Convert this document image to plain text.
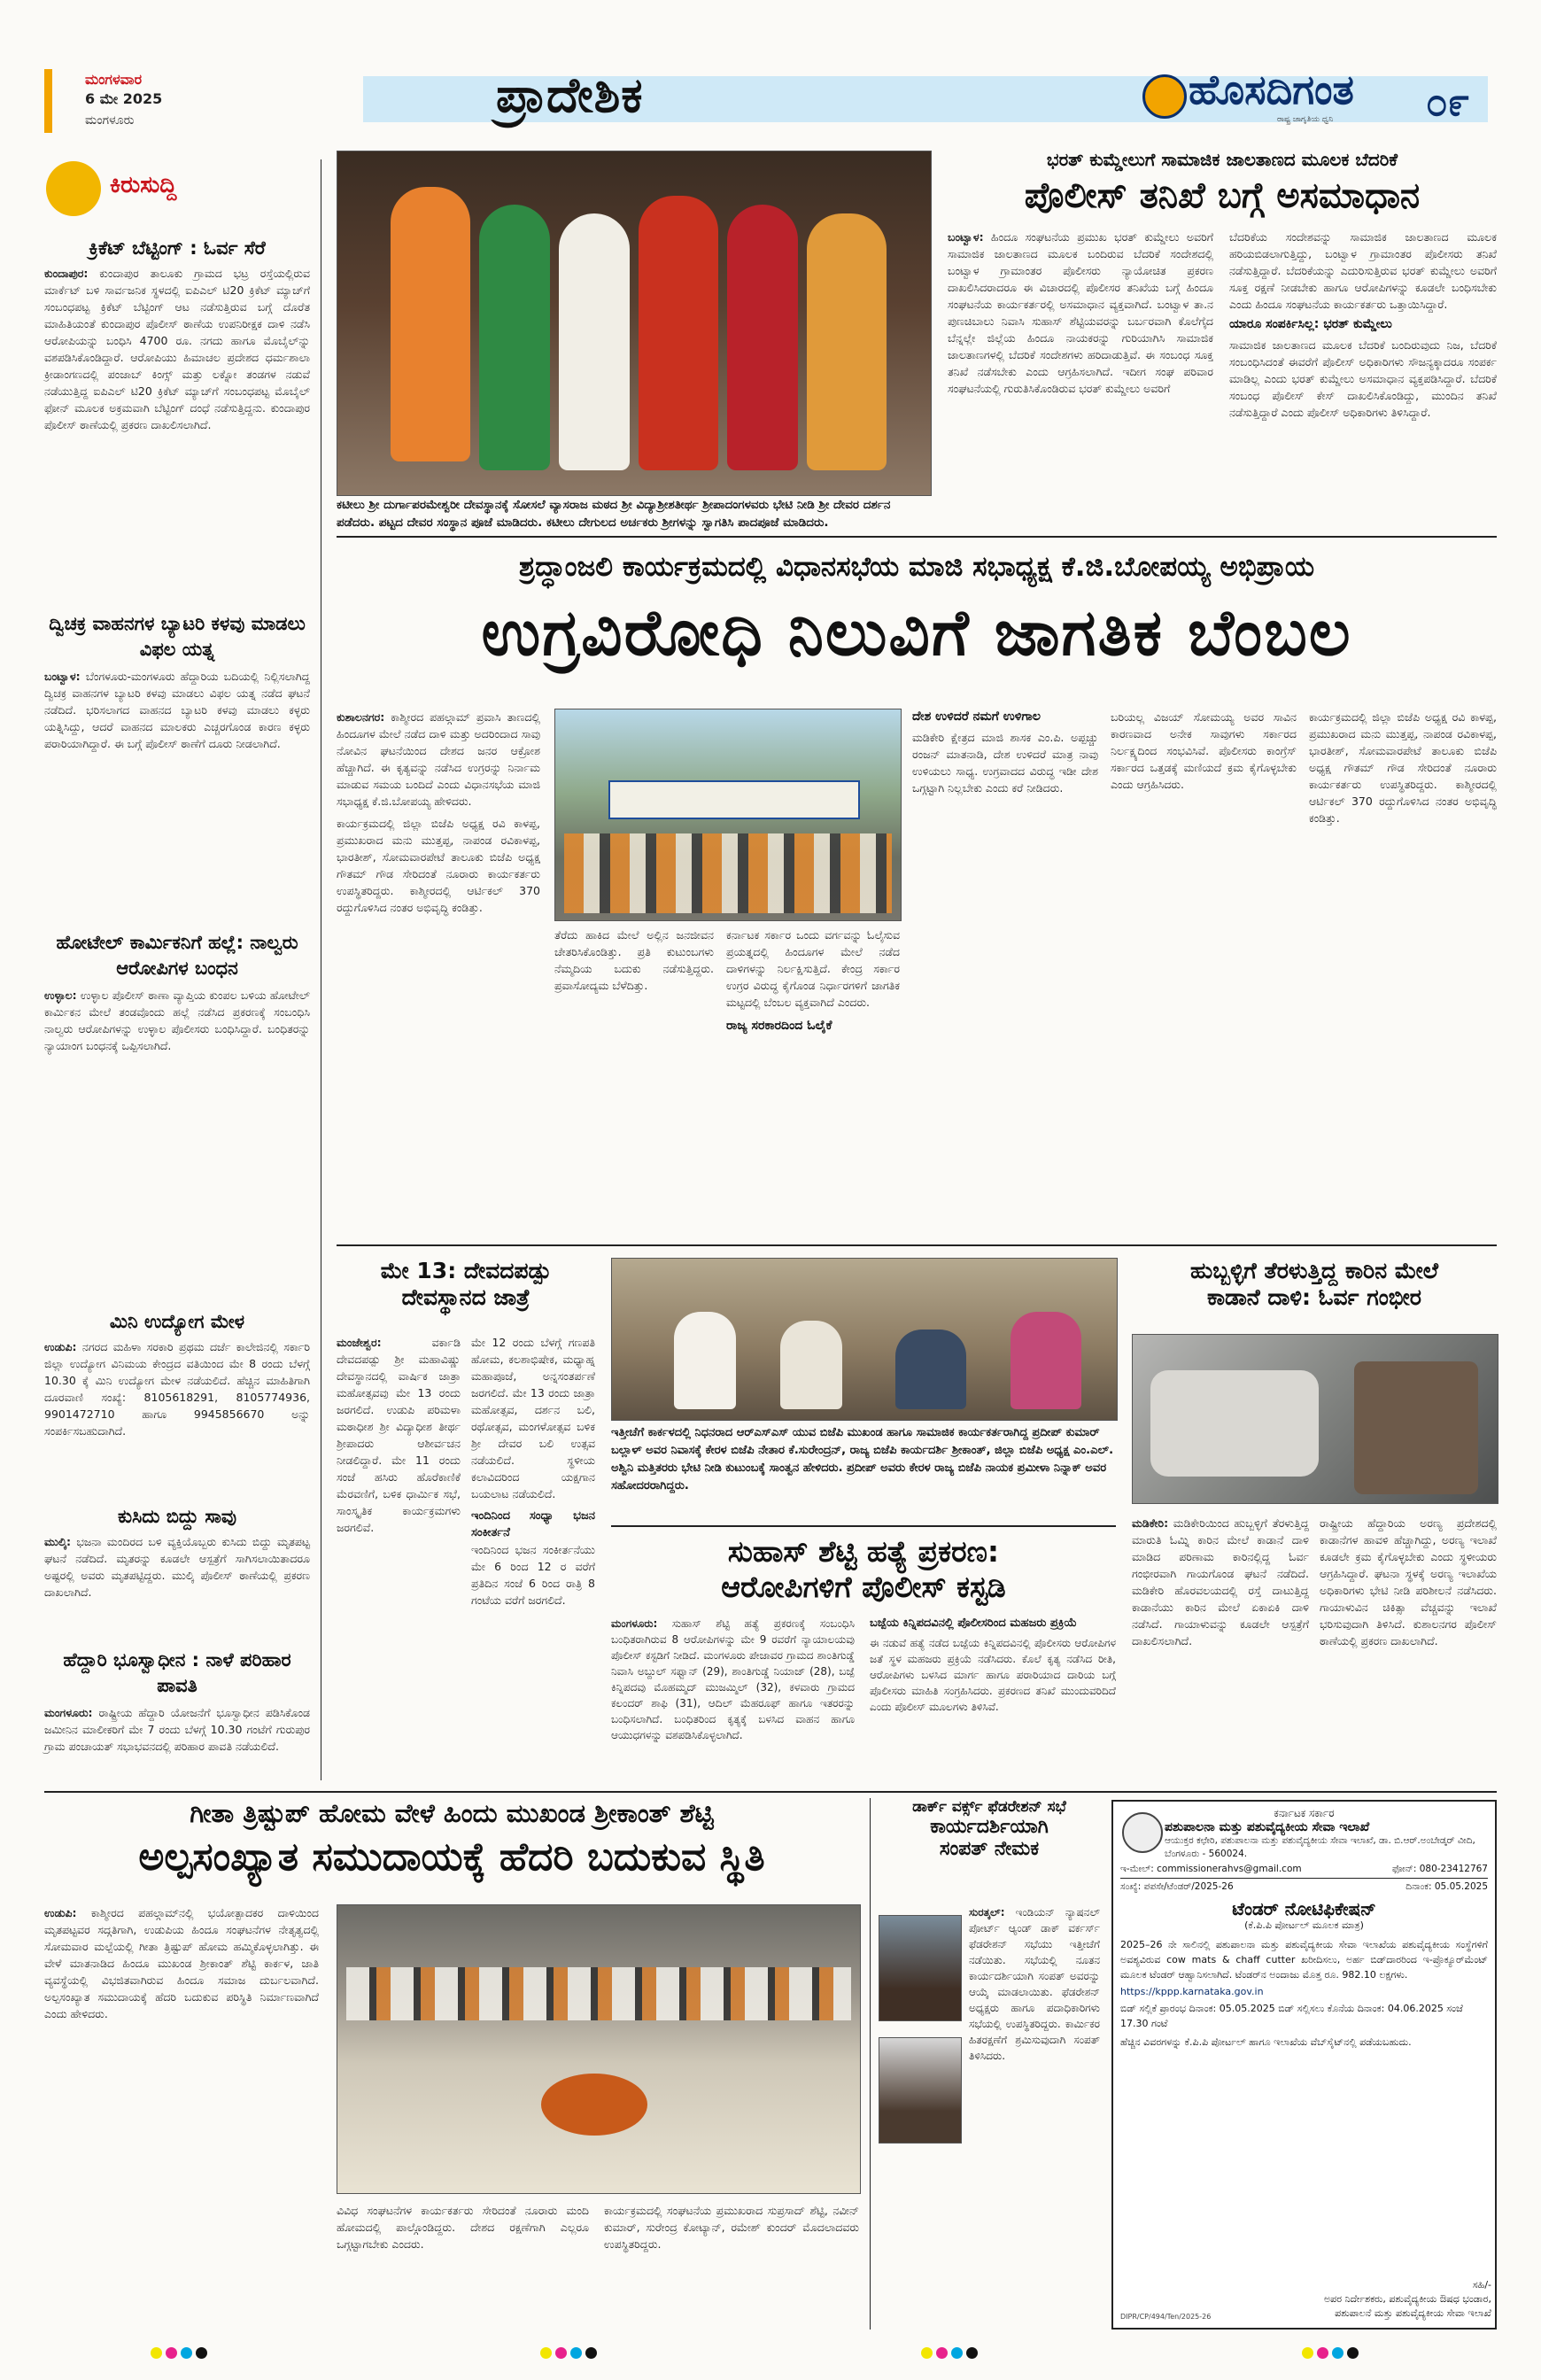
ಮಂಗಳವಾರ
6 ಮೇ 2025
ಮಂಗಳೂರು	ಪ್ರಾದೇಶಿಕ	ಹೊಸದಿಗಂತ
ರಾಷ್ಟ್ರ ಜಾಗೃತಿಯ ಧ್ವನಿ ೦೯
ಕಿರುಸುದ್ದಿ
ಕ್ರಿಕೆಟ್ ಬೆಟ್ಟಿಂಗ್ : ಓರ್ವ ಸೆರೆ
ಕುಂದಾಪುರ: ಕುಂದಾಪುರ ತಾಲೂಕು ಗ್ರಾಮದ ಭಟ್ರ ರಸ್ತೆಯಲ್ಲಿರುವ ಮಾರ್ಕೆಟ್ ಬಳಿ ಸಾರ್ವಜನಿಕ ಸ್ಥಳದಲ್ಲಿ ಐಪಿಎಲ್ ಟಿ20 ಕ್ರಿಕೆಟ್ ಮ್ಯಾಚ್‌ಗೆ ಸಂಬಂಧಪಟ್ಟ ಕ್ರಿಕೆಟ್ ಬೆಟ್ಟಿಂಗ್ ಆಟ ನಡೆಸುತ್ತಿರುವ ಬಗ್ಗೆ ದೊರೆತ ಮಾಹಿತಿಯಂತೆ ಕುಂದಾಪುರ ಪೊಲೀಸ್ ಠಾಣೆಯ ಉಪನಿರೀಕ್ಷಕ ದಾಳಿ ನಡೆಸಿ ಆರೋಪಿಯನ್ನು ಬಂಧಿಸಿ 4700 ರೂ. ನಗದು ಹಾಗೂ ಮೊಬೈಲ್‌ನ್ನು ವಶಪಡಿಸಿಕೊಂಡಿದ್ದಾರೆ. ಆರೋಪಿಯು ಹಿಮಾಚಲ ಪ್ರದೇಶದ ಧರ್ಮಶಾಲಾ ಕ್ರೀಡಾಂಗಣದಲ್ಲಿ ಪಂಜಾಬ್ ಕಿಂಗ್ಸ್ ಮತ್ತು ಲಕ್ನೋ ತಂಡಗಳ ನಡುವೆ ನಡೆಯುತ್ತಿದ್ದ ಐಪಿಎಲ್ ಟಿ20 ಕ್ರಿಕೆಟ್ ಮ್ಯಾಚ್‌ಗೆ ಸಂಬಂಧಪಟ್ಟ ಮೊಬೈಲ್ ಫೋನ್ ಮೂಲಕ ಅಕ್ರಮವಾಗಿ ಬೆಟ್ಟಿಂಗ್ ದಂಧೆ ನಡೆಸುತ್ತಿದ್ದನು. ಕುಂದಾಪುರ ಪೊಲೀಸ್ ಠಾಣೆಯಲ್ಲಿ ಪ್ರಕರಣ ದಾಖಲಿಸಲಾಗಿದೆ.
ದ್ವಿಚಕ್ರ ವಾಹನಗಳ ಬ್ಯಾಟರಿ ಕಳವು ಮಾಡಲು ವಿಫಲ ಯತ್ನ
ಬಂಟ್ವಾಳ: ಬೆಂಗಳೂರು-ಮಂಗಳೂರು ಹೆದ್ದಾರಿಯ ಬದಿಯಲ್ಲಿ ನಿಲ್ಲಿಸಲಾಗಿದ್ದ ದ್ವಿಚಕ್ರ ವಾಹನಗಳ ಬ್ಯಾಟರಿ ಕಳವು ಮಾಡಲು ವಿಫಲ ಯತ್ನ ನಡೆದ ಘಟನೆ ನಡೆದಿದೆ. ಭರಿಸಲಾಗದ ವಾಹನದ ಬ್ಯಾಟರಿ ಕಳವು ಮಾಡಲು ಕಳ್ಳರು ಯತ್ನಿಸಿದ್ದು, ಆದರೆ ವಾಹನದ ಮಾಲಕರು ಎಚ್ಚರಗೊಂಡ ಕಾರಣ ಕಳ್ಳರು ಪರಾರಿಯಾಗಿದ್ದಾರೆ. ಈ ಬಗ್ಗೆ ಪೊಲೀಸ್ ಠಾಣೆಗೆ ದೂರು ನೀಡಲಾಗಿದೆ.
ಹೋಟೇಲ್ ಕಾರ್ಮಿಕನಿಗೆ ಹಲ್ಲೆ: ನಾಲ್ವರು ಆರೋಪಿಗಳ ಬಂಧನ
ಉಳ್ಳಾಲ: ಉಳ್ಳಾಲ ಪೊಲೀಸ್ ಠಾಣಾ ವ್ಯಾಪ್ತಿಯ ಕುಂಪಲ ಬಳಿಯ ಹೋಟೇಲ್ ಕಾರ್ಮಿಕನ ಮೇಲೆ ತಂಡವೊಂದು ಹಲ್ಲೆ ನಡೆಸಿದ ಪ್ರಕರಣಕ್ಕೆ ಸಂಬಂಧಿಸಿ ನಾಲ್ವರು ಆರೋಪಿಗಳನ್ನು ಉಳ್ಳಾಲ ಪೊಲೀಸರು ಬಂಧಿಸಿದ್ದಾರೆ. ಬಂಧಿತರನ್ನು ನ್ಯಾಯಾಂಗ ಬಂಧನಕ್ಕೆ ಒಪ್ಪಿಸಲಾಗಿದೆ.
ಮಿನಿ ಉದ್ಯೋಗ ಮೇಳ
ಉಡುಪಿ: ನಗರದ ಮಹಿಳಾ ಸರಕಾರಿ ಪ್ರಥಮ ದರ್ಜೆ ಕಾಲೇಜಿನಲ್ಲಿ ಸರ್ಕಾರಿ ಜಿಲ್ಲಾ ಉದ್ಯೋಗ ವಿನಿಮಯ ಕೇಂದ್ರದ ವತಿಯಿಂದ ಮೇ 8 ರಂದು ಬೆಳಗ್ಗೆ 10.30 ಕ್ಕೆ ಮಿನಿ ಉದ್ಯೋಗ ಮೇಳ ನಡೆಯಲಿದೆ. ಹೆಚ್ಚಿನ ಮಾಹಿತಿಗಾಗಿ ದೂರವಾಣಿ ಸಂಖ್ಯೆ: 8105618291, 8105774936, 9901472710 ಹಾಗೂ 9945856670 ಅನ್ನು ಸಂಪರ್ಕಿಸಬಹುದಾಗಿದೆ.
ಕುಸಿದು ಬಿದ್ದು ಸಾವು
ಮುಲ್ಕಿ: ಭಜನಾ ಮಂದಿರದ ಬಳಿ ವ್ಯಕ್ತಿಯೊಬ್ಬರು ಕುಸಿದು ಬಿದ್ದು ಮೃತಪಟ್ಟ ಘಟನೆ ನಡೆದಿದೆ. ಮೃತರನ್ನು ಕೂಡಲೇ ಆಸ್ಪತ್ರೆಗೆ ಸಾಗಿಸಲಾಯಿತಾದರೂ ಅಷ್ಟರಲ್ಲಿ ಅವರು ಮೃತಪಟ್ಟಿದ್ದರು. ಮುಲ್ಕಿ ಪೊಲೀಸ್ ಠಾಣೆಯಲ್ಲಿ ಪ್ರಕರಣ ದಾಖಲಾಗಿದೆ.
ಹೆದ್ದಾರಿ ಭೂಸ್ವಾಧೀನ : ನಾಳೆ ಪರಿಹಾರ ಪಾವತಿ
ಮಂಗಳೂರು: ರಾಷ್ಟ್ರೀಯ ಹೆದ್ದಾರಿ ಯೋಜನೆಗೆ ಭೂಸ್ವಾಧೀನ ಪಡಿಸಿಕೊಂಡ ಜಮೀನಿನ ಮಾಲೀಕರಿಗೆ ಮೇ 7 ರಂದು ಬೆಳಗ್ಗೆ 10.30 ಗಂಟೆಗೆ ಗುರುಪುರ ಗ್ರಾಮ ಪಂಚಾಯತ್ ಸಭಾಭವನದಲ್ಲಿ ಪರಿಹಾರ ಪಾವತಿ ನಡೆಯಲಿದೆ.
ಕಟೀಲು ಶ್ರೀ ದುರ್ಗಾಪರಮೇಶ್ವರೀ ದೇವಸ್ಥಾನಕ್ಕೆ ಸೋಸಲೆ ವ್ಯಾಸರಾಜ ಮಠದ ಶ್ರೀ ವಿದ್ಯಾಶ್ರೀಶತೀರ್ಥ ಶ್ರೀಪಾದಂಗಳವರು ಭೇಟಿ ನೀಡಿ ಶ್ರೀ ದೇವರ ದರ್ಶನ ಪಡೆದರು. ಪಟ್ಟದ ದೇವರ ಸಂಸ್ಥಾನ ಪೂಜೆ ಮಾಡಿದರು. ಕಟೀಲು ದೇಗುಲದ ಅರ್ಚಕರು ಶ್ರೀಗಳನ್ನು ಸ್ವಾಗತಿಸಿ ಪಾದಪೂಜೆ ಮಾಡಿದರು.
ಭರತ್ ಕುಮ್ಡೇಲುಗೆ ಸಾಮಾಜಿಕ ಜಾಲತಾಣದ ಮೂಲಕ ಬೆದರಿಕೆ
ಪೊಲೀಸ್ ತನಿಖೆ ಬಗ್ಗೆ ಅಸಮಾಧಾನ
ಬಂಟ್ವಾಳ: ಹಿಂದೂ ಸಂಘಟನೆಯ ಪ್ರಮುಖ ಭರತ್ ಕುಮ್ಡೇಲು ಅವರಿಗೆ ಸಾಮಾಜಿಕ ಜಾಲತಾಣದ ಮೂಲಕ ಬಂದಿರುವ ಬೆದರಿಕೆ ಸಂದೇಶದಲ್ಲಿ ಬಂಟ್ವಾಳ ಗ್ರಾಮಾಂತರ ಪೊಲೀಸರು ನ್ಯಾಯೋಚಿತ ಪ್ರಕರಣ ದಾಖಲಿಸಿದರಾದರೂ ಈ ವಿಚಾರದಲ್ಲಿ ಪೊಲೀಸರ ತನಿಖೆಯ ಬಗ್ಗೆ ಹಿಂದೂ ಸಂಘಟನೆಯ ಕಾರ್ಯಕರ್ತರಲ್ಲಿ ಅಸಮಾಧಾನ ವ್ಯಕ್ತವಾಗಿದೆ. ಬಂಟ್ವಾಳ ತಾ.ನ ಪುಣಚಿಬಾಲು ನಿವಾಸಿ ಸುಹಾಸ್ ಶೆಟ್ಟಿಯವರನ್ನು ಬರ್ಬರವಾಗಿ ಕೊಲೆಗೈದ ಬೆನ್ನಲ್ಲೇ ಜಿಲ್ಲೆಯ ಹಿಂದೂ ನಾಯಕರನ್ನು ಗುರಿಯಾಗಿಸಿ ಸಾಮಾಜಿಕ ಜಾಲತಾಣಗಳಲ್ಲಿ ಬೆದರಿಕೆ ಸಂದೇಶಗಳು ಹರಿದಾಡುತ್ತಿವೆ. ಈ ಸಂಬಂಧ ಸೂಕ್ತ ತನಿಖೆ ನಡೆಸಬೇಕು ಎಂದು ಆಗ್ರಹಿಸಲಾಗಿದೆ. ಇದೀಗ ಸಂಘ ಪರಿವಾರ ಸಂಘಟನೆಯಲ್ಲಿ ಗುರುತಿಸಿಕೊಂಡಿರುವ ಭರತ್ ಕುಮ್ಡೇಲು ಅವರಿಗೆ
ಬೆದರಿಕೆಯ ಸಂದೇಶವನ್ನು ಸಾಮಾಜಿಕ ಜಾಲತಾಣದ ಮೂಲಕ ಹರಿಯಬಿಡಲಾಗುತ್ತಿದ್ದು, ಬಂಟ್ವಾಳ ಗ್ರಾಮಾಂತರ ಪೊಲೀಸರು ತನಿಖೆ ನಡೆಸುತ್ತಿದ್ದಾರೆ. ಬೆದರಿಕೆಯನ್ನು ಎದುರಿಸುತ್ತಿರುವ ಭರತ್ ಕುಮ್ಡೇಲು ಅವರಿಗೆ ಸೂಕ್ತ ರಕ್ಷಣೆ ನೀಡಬೇಕು ಹಾಗೂ ಆರೋಪಿಗಳನ್ನು ಕೂಡಲೇ ಬಂಧಿಸಬೇಕು ಎಂದು ಹಿಂದೂ ಸಂಘಟನೆಯ ಕಾರ್ಯಕರ್ತರು ಒತ್ತಾಯಿಸಿದ್ದಾರೆ.
ಯಾರೂ ಸಂಪರ್ಕಿಸಿಲ್ಲ: ಭರತ್ ಕುಮ್ಡೇಲು
ಸಾಮಾಜಿಕ ಜಾಲತಾಣದ ಮೂಲಕ ಬೆದರಿಕೆ ಬಂದಿರುವುದು ನಿಜ, ಬೆದರಿಕೆ ಸಂಬಂಧಿಸಿದಂತೆ ಈವರೆಗೆ ಪೊಲೀಸ್ ಅಧಿಕಾರಿಗಳು ಸೌಜನ್ಯಕ್ಕಾದರೂ ಸಂಪರ್ಕ ಮಾಡಿಲ್ಲ ಎಂದು ಭರತ್ ಕುಮ್ಡೇಲು ಅಸಮಾಧಾನ ವ್ಯಕ್ತಪಡಿಸಿದ್ದಾರೆ. ಬೆದರಿಕೆ ಸಂಬಂಧ ಪೊಲೀಸ್ ಕೇಸ್ ದಾಖಲಿಸಿಕೊಂಡಿದ್ದು, ಮುಂದಿನ ತನಿಖೆ ನಡೆಸುತ್ತಿದ್ದಾರೆ ಎಂದು ಪೊಲೀಸ್ ಅಧಿಕಾರಿಗಳು ತಿಳಿಸಿದ್ದಾರೆ.
ಶ್ರದ್ಧಾಂಜಲಿ ಕಾರ್ಯಕ್ರಮದಲ್ಲಿ ವಿಧಾನಸಭೆಯ ಮಾಜಿ ಸಭಾಧ್ಯಕ್ಷ ಕೆ.ಜಿ.ಬೋಪಯ್ಯ ಅಭಿಪ್ರಾಯ
ಉಗ್ರವಿರೋಧಿ ನಿಲುವಿಗೆ ಜಾಗತಿಕ ಬೆಂಬಲ
ಕುಶಾಲನಗರ: ಕಾಶ್ಮೀರದ ಪಹಲ್ಗಾಮ್ ಪ್ರವಾಸಿ ತಾಣದಲ್ಲಿ ಹಿಂದೂಗಳ ಮೇಲೆ ನಡೆದ ದಾಳಿ ಮತ್ತು ಅದರಿಂದಾದ ಸಾವು ನೋವಿನ ಘಟನೆಯಿಂದ ದೇಶದ ಜನರ ಆಕ್ರೋಶ ಹೆಚ್ಚಾಗಿದೆ. ಈ ಕೃತ್ಯವನ್ನು ನಡೆಸಿದ ಉಗ್ರರನ್ನು ನಿರ್ನಾಮ ಮಾಡುವ ಸಮಯ ಬಂದಿದೆ ಎಂದು ವಿಧಾನಸಭೆಯ ಮಾಜಿ ಸಭಾಧ್ಯಕ್ಷ ಕೆ.ಜಿ.ಬೋಪಯ್ಯ ಹೇಳಿದರು.
ಕಾರ್ಯಕ್ರಮದಲ್ಲಿ ಜಿಲ್ಲಾ ಬಿಜೆಪಿ ಅಧ್ಯಕ್ಷ ರವಿ ಕಾಳಪ್ಪ, ಪ್ರಮುಖರಾದ ಮನು ಮುತ್ತಪ್ಪ, ನಾಪಂಡ ರವಿಕಾಳಪ್ಪ, ಭಾರತೀಶ್, ಸೋಮವಾರಪೇಟೆ ತಾಲೂಕು ಬಿಜೆಪಿ ಅಧ್ಯಕ್ಷ ಗೌತಮ್ ಗೌಡ ಸೇರಿದಂತೆ ನೂರಾರು ಕಾರ್ಯಕರ್ತರು ಉಪಸ್ಥಿತರಿದ್ದರು. ಕಾಶ್ಮೀರದಲ್ಲಿ ಆರ್ಟಿಕಲ್ 370 ರದ್ದುಗೊಳಿಸಿದ ನಂತರ ಅಭಿವೃದ್ಧಿ ಕಂಡಿತ್ತು.
ತೆರೆದು ಹಾಕಿದ ಮೇಲೆ ಅಲ್ಲಿನ ಜನಜೀವನ ಚೇತರಿಸಿಕೊಂಡಿತ್ತು. ಪ್ರತಿ ಕುಟುಂಬಗಳು ನೆಮ್ಮದಿಯ ಬದುಕು ನಡೆಸುತ್ತಿದ್ದರು. ಪ್ರವಾಸೋದ್ಯಮ ಬೆಳೆದಿತ್ತು.
ಕರ್ನಾಟಕ ಸರ್ಕಾರ ಒಂದು ವರ್ಗವನ್ನು ಓಲೈಸುವ ಪ್ರಯತ್ನದಲ್ಲಿ ಹಿಂದೂಗಳ ಮೇಲೆ ನಡೆದ ದಾಳಿಗಳನ್ನು ನಿರ್ಲಕ್ಷಿಸುತ್ತಿದೆ. ಕೇಂದ್ರ ಸರ್ಕಾರ ಉಗ್ರರ ವಿರುದ್ಧ ಕೈಗೊಂಡ ನಿರ್ಧಾರಗಳಿಗೆ ಜಾಗತಿಕ ಮಟ್ಟದಲ್ಲಿ ಬೆಂಬಲ ವ್ಯಕ್ತವಾಗಿದೆ ಎಂದರು.
ರಾಜ್ಯ ಸರಕಾರದಿಂದ ಓಲೈಕೆ
ದೇಶ ಉಳಿದರೆ ನಮಗೆ ಉಳಿಗಾಲ
ಮಡಿಕೇರಿ ಕ್ಷೇತ್ರದ ಮಾಜಿ ಶಾಸಕ ಎಂ.ಪಿ. ಅಪ್ಪಚ್ಚು ರಂಜನ್ ಮಾತನಾಡಿ, ದೇಶ ಉಳಿದರೆ ಮಾತ್ರ ನಾವು ಉಳಿಯಲು ಸಾಧ್ಯ. ಉಗ್ರವಾದದ ವಿರುದ್ಧ ಇಡೀ ದೇಶ ಒಗ್ಗಟ್ಟಾಗಿ ನಿಲ್ಲಬೇಕು ಎಂದು ಕರೆ ನೀಡಿದರು.
ಬರಿಯಲ್ಲ ವಿಜಯ್ ಸೋಮಯ್ಯ ಅವರ ಸಾವಿನ ಕಾರಣವಾದ ಅನೇಕ ಸಾವುಗಳು ಸರ್ಕಾರದ ನಿರ್ಲಕ್ಷ್ಯದಿಂದ ಸಂಭವಿಸಿವೆ. ಪೊಲೀಸರು ಕಾಂಗ್ರೆಸ್ ಸರ್ಕಾರದ ಒತ್ತಡಕ್ಕೆ ಮಣಿಯದೆ ಕ್ರಮ ಕೈಗೊಳ್ಳಬೇಕು ಎಂದು ಆಗ್ರಹಿಸಿದರು.
ಕಾರ್ಯಕ್ರಮದಲ್ಲಿ ಜಿಲ್ಲಾ ಬಿಜೆಪಿ ಅಧ್ಯಕ್ಷ ರವಿ ಕಾಳಪ್ಪ, ಪ್ರಮುಖರಾದ ಮನು ಮುತ್ತಪ್ಪ, ನಾಪಂಡ ರವಿಕಾಳಪ್ಪ, ಭಾರತೀಶ್, ಸೋಮವಾರಪೇಟೆ ತಾಲೂಕು ಬಿಜೆಪಿ ಅಧ್ಯಕ್ಷ ಗೌತಮ್ ಗೌಡ ಸೇರಿದಂತೆ ನೂರಾರು ಕಾರ್ಯಕರ್ತರು ಉಪಸ್ಥಿತರಿದ್ದರು. ಕಾಶ್ಮೀರದಲ್ಲಿ ಆರ್ಟಿಕಲ್ 370 ರದ್ದುಗೊಳಿಸಿದ ನಂತರ ಅಭಿವೃದ್ಧಿ ಕಂಡಿತ್ತು.
ಮೇ 13: ದೇವದಪಡ್ಪು
ದೇವಸ್ಥಾನದ ಜಾತ್ರೆ
ಮಂಜೇಶ್ವರ:	ವರ್ಕಾಡಿ ದೇವದಪಡ್ಪು ಶ್ರೀ ಮಹಾವಿಷ್ಣು ದೇವಸ್ಥಾನದಲ್ಲಿ ವಾರ್ಷಿಕ ಜಾತ್ರಾ ಮಹೋತ್ಸವವು ಮೇ 13 ರಂದು ಜರಗಲಿದೆ. ಉಡುಪಿ ಪರಿಮಳಾ ಮಠಾಧೀಶ ಶ್ರೀ ವಿದ್ಯಾಧೀಶ ತೀರ್ಥ ಶ್ರೀಪಾದರು ಆಶೀರ್ವಚನ ನೀಡಲಿದ್ದಾರೆ. ಮೇ 11 ರಂದು ಸಂಜೆ ಹಸಿರು ಹೊರೆಕಾಣಿಕೆ ಮೆರವಣಿಗೆ, ಬಳಿಕ ಧಾರ್ಮಿಕ ಸಭೆ, ಸಾಂಸ್ಕೃತಿಕ ಕಾರ್ಯಕ್ರಮಗಳು ಜರಗಲಿವೆ.
ಮೇ 12 ರಂದು ಬೆಳಗ್ಗೆ ಗಣಪತಿ ಹೋಮ, ಕಲಶಾಭಿಷೇಕ, ಮಧ್ಯಾಹ್ನ ಮಹಾಪೂಜೆ, ಅನ್ನಸಂತರ್ಪಣೆ ಜರಗಲಿದೆ. ಮೇ 13 ರಂದು ಜಾತ್ರಾ ಮಹೋತ್ಸವ, ದರ್ಶನ ಬಲಿ, ರಥೋತ್ಸವ, ಮಂಗಳೋತ್ಸವ ಬಳಿಕ ಶ್ರೀ ದೇವರ ಬಲಿ ಉತ್ಸವ ನಡೆಯಲಿದೆ. ಸ್ಥಳೀಯ ಕಲಾವಿದರಿಂದ ಯಕ್ಷಗಾನ ಬಯಲಾಟ ನಡೆಯಲಿದೆ.
ಇಂದಿನಿಂದ ಸಂಧ್ಯಾ ಭಜನ ಸಂಕೀರ್ತನೆ
ಇಂದಿನಿಂದ ಭಜನ ಸಂಕೀರ್ತನೆಯು ಮೇ 6 ರಿಂದ 12 ರ ವರೆಗೆ ಪ್ರತಿದಿನ ಸಂಜೆ 6 ರಿಂದ ರಾತ್ರಿ 8 ಗಂಟೆಯ ವರೆಗೆ ಜರಗಲಿದೆ.
ಇತ್ತೀಚೆಗೆ ಕಾರ್ಕಳದಲ್ಲಿ ನಿಧನರಾದ ಆರ್‌ಎಸ್‌ಎಸ್ ಯುವ ಬಿಜೆಪಿ ಮುಖಂಡ ಹಾಗೂ ಸಾಮಾಜಿಕ ಕಾರ್ಯಕರ್ತರಾಗಿದ್ದ ಪ್ರದೀಪ್ ಕುಮಾರ್ ಬಲ್ಲಾಳ್ ಅವರ ನಿವಾಸಕ್ಕೆ ಕೇರಳ ಬಿಜೆಪಿ ನೇತಾರ ಕೆ.ಸುರೇಂದ್ರನ್, ರಾಜ್ಯ ಬಿಜೆಪಿ ಕಾರ್ಯದರ್ಶಿ ಶ್ರೀಕಾಂತ್, ಜಿಲ್ಲಾ ಬಿಜೆಪಿ ಅಧ್ಯಕ್ಷ ಎಂ.ಎಲ್. ಅಶ್ವಿನಿ ಮತ್ತಿತರರು ಭೇಟಿ ನೀಡಿ ಕುಟುಂಬಕ್ಕೆ ಸಾಂತ್ವನ ಹೇಳಿದರು. ಪ್ರದೀಪ್ ಅವರು ಕೇರಳ ರಾಜ್ಯ ಬಿಜೆಪಿ ನಾಯಕ ಪ್ರಮೀಳಾ ನಿನ್ನಾಕ್ ಅವರ ಸಹೋದರರಾಗಿದ್ದರು.
ಸುಹಾಸ್ ಶೆಟ್ಟಿ ಹತ್ಯೆ ಪ್ರಕರಣ:
ಆರೋಪಿಗಳಿಗೆ ಪೊಲೀಸ್ ಕಸ್ಟಡಿ
ಮಂಗಳೂರು: ಸುಹಾಸ್ ಶೆಟ್ಟಿ ಹತ್ಯೆ ಪ್ರಕರಣಕ್ಕೆ ಸಂಬಂಧಿಸಿ ಬಂಧಿತರಾಗಿರುವ 8 ಆರೋಪಿಗಳನ್ನು ಮೇ 9 ರವರೆಗೆ ನ್ಯಾಯಾಲಯವು ಪೊಲೀಸ್ ಕಸ್ಟಡಿಗೆ ನೀಡಿದೆ. ಮಂಗಳೂರು ಪೇಜಾವರ ಗ್ರಾಮದ ಶಾಂತಿಗುಡ್ಡೆ ನಿವಾಸಿ ಅಬ್ದುಲ್ ಸಫ್ವಾನ್ (29), ಶಾಂತಿಗುಡ್ಡೆ ನಿಯಾಜ್ (28), ಬಜ್ಪೆ ಕಿನ್ನಿಪದವು ಮೊಹಮ್ಮದ್ ಮುಜಮ್ಮಿಲ್ (32), ಕಳವಾರು ಗ್ರಾಮದ ಕಲಂದರ್ ಶಾಫಿ (31), ಆದಿಲ್ ಮೆಹರೂಫ್ ಹಾಗೂ ಇತರರನ್ನು ಬಂಧಿಸಲಾಗಿದೆ. ಬಂಧಿತರಿಂದ ಕೃತ್ಯಕ್ಕೆ ಬಳಸಿದ ವಾಹನ ಹಾಗೂ ಆಯುಧಗಳನ್ನು ವಶಪಡಿಸಿಕೊಳ್ಳಲಾಗಿದೆ.
ಬಜ್ಪೆಯ ಕಿನ್ನಿಪದವಿನಲ್ಲಿ ಪೊಲೀಸರಿಂದ ಮಹಜರು ಪ್ರಕ್ರಿಯೆ
ಈ ನಡುವೆ ಹತ್ಯೆ ನಡೆದ ಬಜ್ಪೆಯ ಕಿನ್ನಿಪದವಿನಲ್ಲಿ ಪೊಲೀಸರು ಆರೋಪಿಗಳ ಜತೆ ಸ್ಥಳ ಮಹಜರು ಪ್ರಕ್ರಿಯೆ ನಡೆಸಿದರು. ಕೊಲೆ ಕೃತ್ಯ ನಡೆಸಿದ ರೀತಿ, ಆರೋಪಿಗಳು ಬಳಸಿದ ಮಾರ್ಗ ಹಾಗೂ ಪರಾರಿಯಾದ ದಾರಿಯ ಬಗ್ಗೆ ಪೊಲೀಸರು ಮಾಹಿತಿ ಸಂಗ್ರಹಿಸಿದರು. ಪ್ರಕರಣದ ತನಿಖೆ ಮುಂದುವರಿದಿದೆ ಎಂದು ಪೊಲೀಸ್ ಮೂಲಗಳು ತಿಳಿಸಿವೆ.
ಹುಬ್ಬಳ್ಳಿಗೆ ತೆರಳುತ್ತಿದ್ದ ಕಾರಿನ ಮೇಲೆ
ಕಾಡಾನೆ ದಾಳಿ: ಓರ್ವ ಗಂಭೀರ
ಮಡಿಕೇರಿ: ಮಡಿಕೇರಿಯಿಂದ ಹುಬ್ಬಳ್ಳಿಗೆ ತೆರಳುತ್ತಿದ್ದ ಮಾರುತಿ ಓಮ್ನಿ ಕಾರಿನ ಮೇಲೆ ಕಾಡಾನೆ ದಾಳಿ ಮಾಡಿದ ಪರಿಣಾಮ ಕಾರಿನಲ್ಲಿದ್ದ ಓರ್ವ ಗಂಭೀರವಾಗಿ ಗಾಯಗೊಂಡ ಘಟನೆ ನಡೆದಿದೆ. ಮಡಿಕೇರಿ ಹೊರವಲಯದಲ್ಲಿ ರಸ್ತೆ ದಾಟುತ್ತಿದ್ದ ಕಾಡಾನೆಯು ಕಾರಿನ ಮೇಲೆ ಏಕಾಏಕಿ ದಾಳಿ ನಡೆಸಿದೆ. ಗಾಯಾಳುವನ್ನು ಕೂಡಲೇ ಆಸ್ಪತ್ರೆಗೆ ದಾಖಲಿಸಲಾಗಿದೆ.
ರಾಷ್ಟ್ರೀಯ ಹೆದ್ದಾರಿಯ ಅರಣ್ಯ ಪ್ರದೇಶದಲ್ಲಿ ಕಾಡಾನೆಗಳ ಹಾವಳಿ ಹೆಚ್ಚಾಗಿದ್ದು, ಅರಣ್ಯ ಇಲಾಖೆ ಕೂಡಲೇ ಕ್ರಮ ಕೈಗೊಳ್ಳಬೇಕು ಎಂದು ಸ್ಥಳೀಯರು ಆಗ್ರಹಿಸಿದ್ದಾರೆ. ಘಟನಾ ಸ್ಥಳಕ್ಕೆ ಅರಣ್ಯ ಇಲಾಖೆಯ ಅಧಿಕಾರಿಗಳು ಭೇಟಿ ನೀಡಿ ಪರಿಶೀಲನೆ ನಡೆಸಿದರು. ಗಾಯಾಳುವಿನ ಚಿಕಿತ್ಸಾ ವೆಚ್ಚವನ್ನು ಇಲಾಖೆ ಭರಿಸುವುದಾಗಿ ತಿಳಿಸಿದೆ. ಕುಶಾಲನಗರ ಪೊಲೀಸ್ ಠಾಣೆಯಲ್ಲಿ ಪ್ರಕರಣ ದಾಖಲಾಗಿದೆ.
ಗೀತಾ ತ್ರಿಷ್ಟುಪ್ ಹೋಮ ವೇಳೆ ಹಿಂದು ಮುಖಂಡ ಶ್ರೀಕಾಂತ್ ಶೆಟ್ಟಿ
ಅಲ್ಪಸಂಖ್ಯಾತ ಸಮುದಾಯಕ್ಕೆ ಹೆದರಿ ಬದುಕುವ ಸ್ಥಿತಿ
ಉಡುಪಿ: ಕಾಶ್ಮೀರದ ಪಹಲ್ಗಾಮ್‌ನಲ್ಲಿ ಭಯೋತ್ಪಾದಕರ ದಾಳಿಯಿಂದ ಮೃತಪಟ್ಟವರ ಸದ್ಗತಿಗಾಗಿ, ಉಡುಪಿಯ ಹಿಂದೂ ಸಂಘಟನೆಗಳ ನೇತೃತ್ವದಲ್ಲಿ ಸೋಮವಾರ ಮಲ್ಪೆಯಲ್ಲಿ ಗೀತಾ ತ್ರಿಷ್ಟುಪ್ ಹೋಮ ಹಮ್ಮಿಕೊಳ್ಳಲಾಗಿತ್ತು. ಈ ವೇಳೆ ಮಾತನಾಡಿದ ಹಿಂದೂ ಮುಖಂಡ ಶ್ರೀಕಾಂತ್ ಶೆಟ್ಟಿ ಕಾರ್ಕಳ, ಜಾತಿ ವ್ಯವಸ್ಥೆಯಲ್ಲಿ ವಿಭಜಿತವಾಗಿರುವ ಹಿಂದೂ ಸಮಾಜ ದುರ್ಬಲವಾಗಿದೆ. ಅಲ್ಪಸಂಖ್ಯಾತ ಸಮುದಾಯಕ್ಕೆ ಹೆದರಿ ಬದುಕುವ ಪರಿಸ್ಥಿತಿ ನಿರ್ಮಾಣವಾಗಿದೆ ಎಂದು ಹೇಳಿದರು.
ವಿವಿಧ ಸಂಘಟನೆಗಳ ಕಾರ್ಯಕರ್ತರು ಸೇರಿದಂತೆ ನೂರಾರು ಮಂದಿ ಹೋಮದಲ್ಲಿ ಪಾಲ್ಗೊಂಡಿದ್ದರು. ದೇಶದ ರಕ್ಷಣೆಗಾಗಿ ಎಲ್ಲರೂ ಒಗ್ಗಟ್ಟಾಗಬೇಕು ಎಂದರು.
ಕಾರ್ಯಕ್ರಮದಲ್ಲಿ ಸಂಘಟನೆಯ ಪ್ರಮುಖರಾದ ಸುಪ್ರಸಾದ್ ಶೆಟ್ಟಿ, ನವೀನ್ ಕುಮಾರ್, ಸುರೇಂದ್ರ ಕೋಟ್ಯಾನ್, ರಮೇಶ್ ಕುಂದರ್ ಮೊದಲಾದವರು ಉಪಸ್ಥಿತರಿದ್ದರು.
ಡಾರ್ಕ್ ವರ್ಕ್ಸ್ ಫೆಡರೇಶನ್ ಸಭೆ
ಕಾರ್ಯದರ್ಶಿಯಾಗಿ
ಸಂಪತ್ ನೇಮಕ
ಸುರತ್ಕಲ್: ಇಂಡಿಯನ್ ನ್ಯಾಷನಲ್ ಪೋರ್ಟ್ ಆ್ಯಂಡ್ ಡಾಕ್ ವರ್ಕರ್ಸ್ ಫೆಡರೇಶನ್ ಸಭೆಯು ಇತ್ತೀಚೆಗೆ ನಡೆಯಿತು. ಸಭೆಯಲ್ಲಿ ನೂತನ ಕಾರ್ಯದರ್ಶಿಯಾಗಿ ಸಂಪತ್ ಅವರನ್ನು ಆಯ್ಕೆ ಮಾಡಲಾಯಿತು. ಫೆಡರೇಶನ್ ಅಧ್ಯಕ್ಷರು ಹಾಗೂ ಪದಾಧಿಕಾರಿಗಳು ಸಭೆಯಲ್ಲಿ ಉಪಸ್ಥಿತರಿದ್ದರು. ಕಾರ್ಮಿಕರ ಹಿತರಕ್ಷಣೆಗೆ ಶ್ರಮಿಸುವುದಾಗಿ ಸಂಪತ್ ತಿಳಿಸಿದರು.
ಕರ್ನಾಟಕ ಸರ್ಕಾರ
ಪಶುಪಾಲನಾ ಮತ್ತು ಪಶುವೈದ್ಯಕೀಯ ಸೇವಾ ಇಲಾಖೆ
ಆಯುಕ್ತರ ಕಛೇರಿ, ಪಶುಪಾಲನಾ ಮತ್ತು ಪಶುವೈದ್ಯಕೀಯ ಸೇವಾ ಇಲಾಖೆ, ಡಾ. ಬಿ.ಆರ್.ಅಂಬೇಡ್ಕರ್ ವೀದಿ, ಬೆಂಗಳೂರು - 560024.
ಇ-ಮೇಲ್: commissionerahvs@gmail.com	ಫೋನ್: 080-23412767
ಸಂಖ್ಯೆ: ಪಪಸೇ/ಟೆಂಡರ್/2025-26	ದಿನಾಂಕ: 05.05.2025
ಟೆಂಡರ್ ನೋಟಿಫಿಕೇಷನ್
(ಕೆ.ಪಿ.ಪಿ ಪೋರ್ಟಲ್ ಮೂಲಕ ಮಾತ್ರ)
2025–26 ನೇ ಸಾಲಿನಲ್ಲಿ ಪಶುಪಾಲನಾ ಮತ್ತು ಪಶುವೈದ್ಯಕೀಯ ಸೇವಾ ಇಲಾಖೆಯ ಪಶುವೈದ್ಯಕೀಯ ಸಂಸ್ಥೆಗಳಿಗೆ ಅವಶ್ಯವಿರುವ cow mats & chaff cutter ಖರೀದಿಸಲು, ಅರ್ಹ ಬಿಡ್‌ದಾರರಿಂದ ಇ-ಪ್ರೊಕ್ಯೂರ್‌ಮೆಂಟ್ ಮೂಲಕ ಟೆಂಡರ್ ಆಹ್ವಾನಿಸಲಾಗಿದೆ. ಟೆಂಡರ್‌ನ ಅಂದಾಜು ಮೊತ್ತ ರೂ. 982.10 ಲಕ್ಷಗಳು.
https://kppp.karnataka.gov.in
ಬಿಡ್ ಸಲ್ಲಿಕೆ ಪ್ರಾರಂಭ ದಿನಾಂಕ: 05.05.2025 ಬಿಡ್ ಸಲ್ಲಿಸಲು ಕೊನೆಯ ದಿನಾಂಕ: 04.06.2025 ಸಂಜೆ 17.30 ಗಂಟೆ
ಹೆಚ್ಚಿನ ವಿವರಗಳನ್ನು ಕೆ.ಪಿ.ಪಿ ಪೋರ್ಟಲ್ ಹಾಗೂ ಇಲಾಖೆಯ ವೆಬ್‌ಸೈಟ್‌ನಲ್ಲಿ ಪಡೆಯಬಹುದು.
ಸಹಿ/-
ಅಪರ ನಿರ್ದೇಶಕರು, ಪಶುವೈದ್ಯಕೀಯ ಔಷಧ ಭಂಡಾರ,
ಪಶುಪಾಲನೆ ಮತ್ತು ಪಶುವೈದ್ಯಕೀಯ ಸೇವಾ ಇಲಾಖೆ
DIPR/CP/494/Ten/2025-26
